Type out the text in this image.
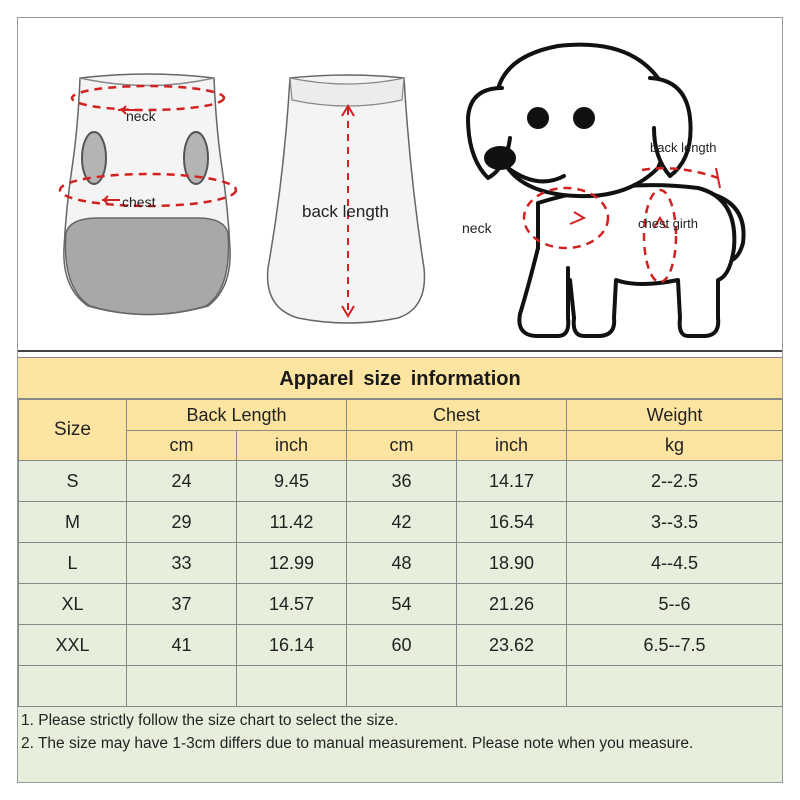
neck
chest	back length
back length
neck	chest girth
Apparel size information
Size	Back Length		Chest		Weight
	cm	inch	cm	inch	kg
S	24	9.45	36	14.17	2--2.5
M	29	11.42	42	16.54	3--3.5
L	33	12.99	48	18.90	4--4.5
XL	37	14.57	54	21.26	5--6
XXL	41	16.14	60	23.62	6.5--7.5

1. Please strictly follow the size chart to select the size.
2. The size may have 1-3cm differs due to manual measurement. Please note when you measure.
